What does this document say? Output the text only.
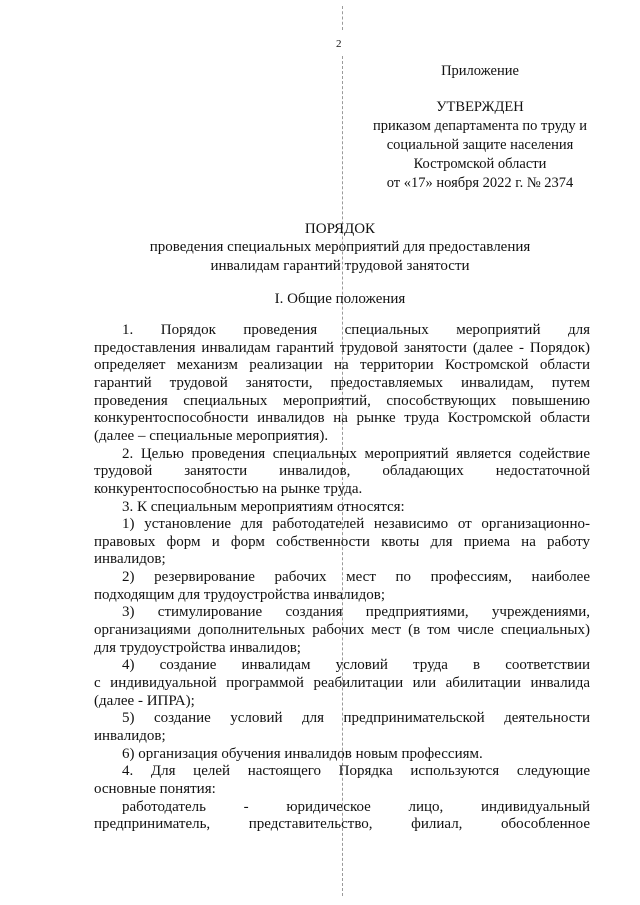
2
Приложение
УТВЕРЖДЕН
приказом департамента по труду и
социальной защите населения
Костромской области
от «17» ноября 2022 г. № 2374
ПОРЯДОК
проведения специальных мероприятий для предоставления
инвалидам гарантий трудовой занятости
I. Общие положения
1. Порядок проведения специальных мероприятий для
предоставления инвалидам гарантий трудовой занятости (далее - Порядок)
определяет механизм реализации на территории Костромской области
гарантий трудовой занятости, предоставляемых инвалидам, путем
проведения специальных мероприятий, способствующих повышению
конкурентоспособности инвалидов на рынке труда Костромской области
(далее – специальные мероприятия).
2. Целью проведения специальных мероприятий является содействие
трудовой занятости инвалидов, обладающих недостаточной
конкурентоспособностью на рынке труда.
3. К специальным мероприятиям относятся:
1) установление для работодателей независимо от организационно-
правовых форм и форм собственности квоты для приема на работу
инвалидов;
2) резервирование рабочих мест по профессиям, наиболее
подходящим для трудоустройства инвалидов;
3) стимулирование создания предприятиями, учреждениями,
организациями дополнительных рабочих мест (в том числе специальных)
для трудоустройства инвалидов;
4) создание инвалидам условий труда в соответствии
с индивидуальной программой реабилитации или абилитации инвалида
(далее - ИПРА);
5) создание условий для предпринимательской деятельности
инвалидов;
6) организация обучения инвалидов новым профессиям.
4. Для целей настоящего Порядка используются следующие
основные понятия:
работодатель - юридическое лицо, индивидуальный
предприниматель, представительство, филиал, обособленное
